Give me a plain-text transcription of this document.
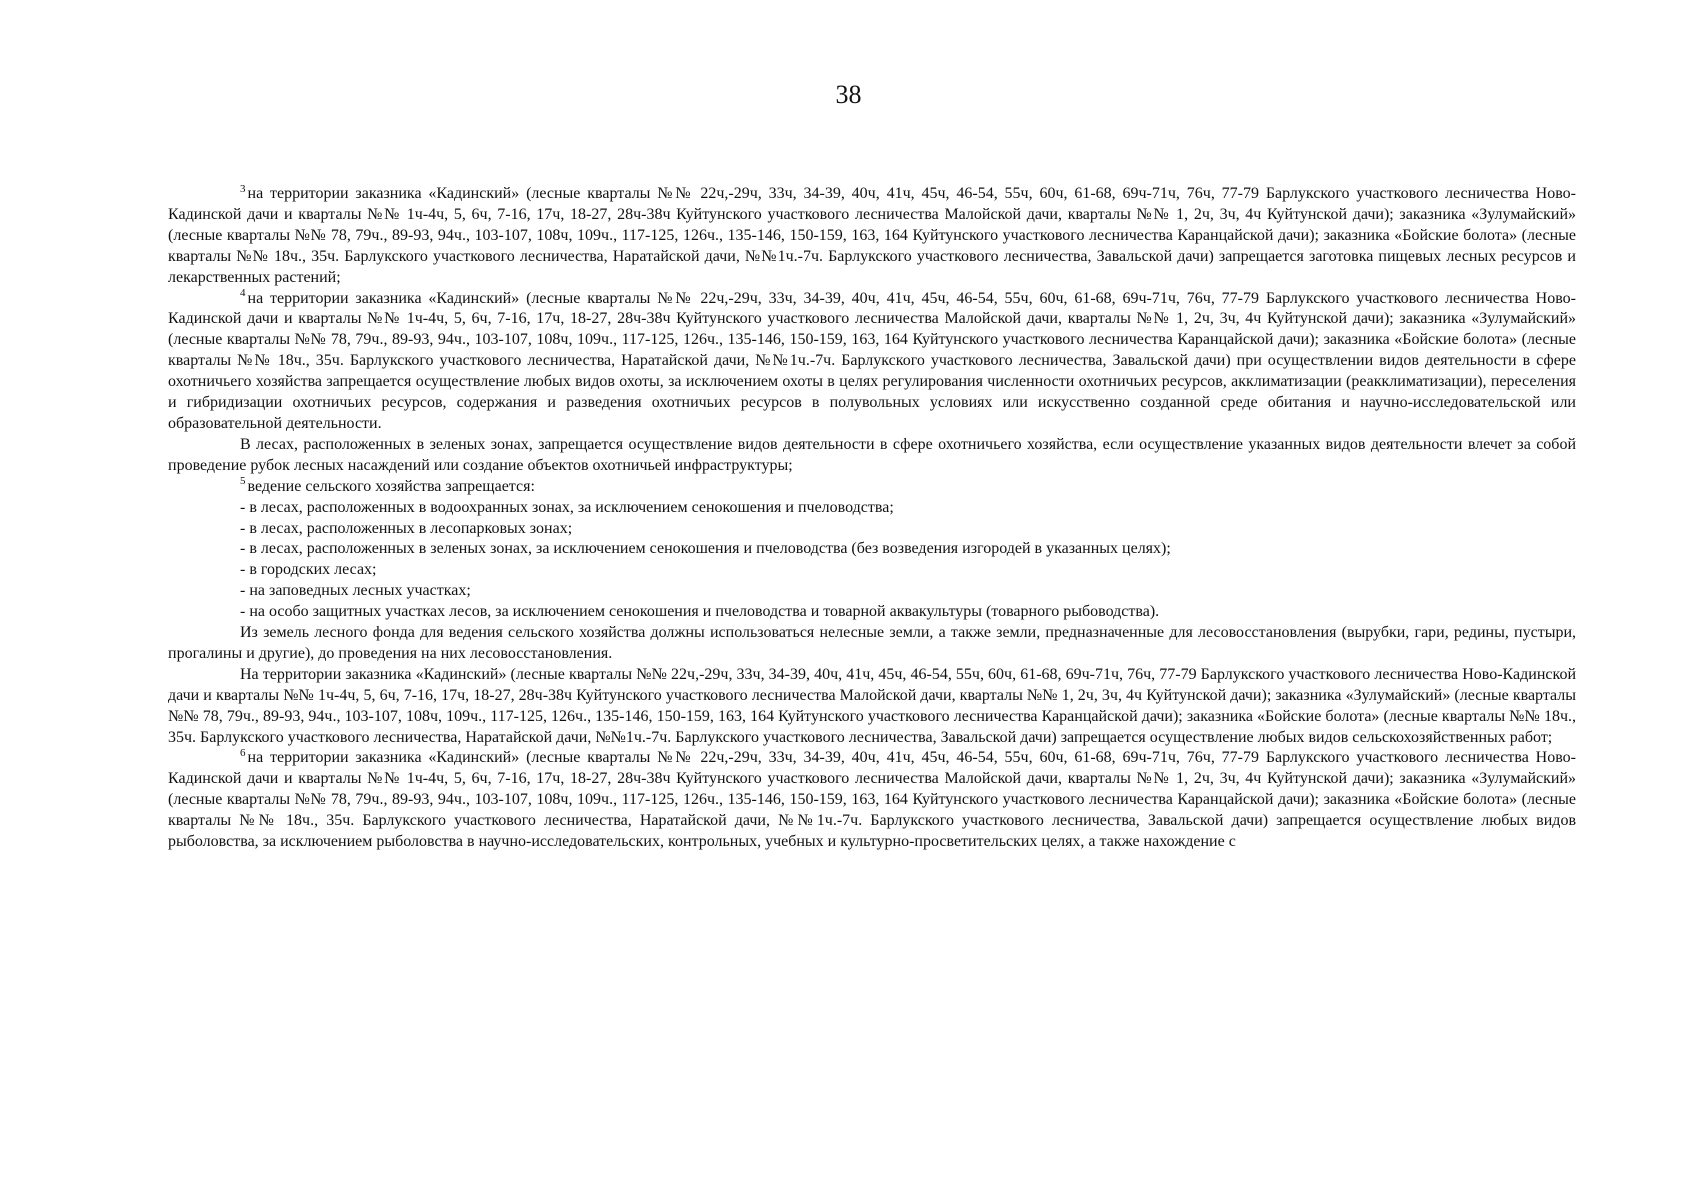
38

$^3$ на территории заказника «Кадинский» (лесные кварталы №№ 22ч,-29ч, 33ч, 34-39, 40ч, 41ч, 45ч, 46-54, 55ч, 60ч, 61-68, 69ч-71ч, 76ч, 77-79 Барлукского участкового лесничества Ново-Кадинской дачи и кварталы №№ 1ч-4ч, 5, 6ч, 7-16, 17ч, 18-27, 28ч-38ч Куйтунского участкового лесничества Малойской дачи, кварталы №№ 1, 2ч, 3ч, 4ч Куйтунской дачи); заказника «Зулумайский» (лесные кварталы №№ 78, 79ч., 89-93, 94ч., 103-107, 108ч, 109ч., 117-125, 126ч., 135-146, 150-159, 163, 164 Куйтунского участкового лесничества Каранцайской дачи); заказника «Бойские болота» (лесные кварталы №№ 18ч., 35ч. Барлукского участкового лесничества, Наратайской дачи, №№1ч.-7ч. Барлукского участкового лесничества, Завальской дачи) запрещается заготовка пищевых лесных ресурсов и лекарственных растений;

$^4$ на территории заказника «Кадинский» (лесные кварталы №№ 22ч,-29ч, 33ч, 34-39, 40ч, 41ч, 45ч, 46-54, 55ч, 60ч, 61-68, 69ч-71ч, 76ч, 77-79 Барлукского участкового лесничества Ново-Кадинской дачи и кварталы №№ 1ч-4ч, 5, 6ч, 7-16, 17ч, 18-27, 28ч-38ч Куйтунского участкового лесничества Малойской дачи, кварталы №№ 1, 2ч, 3ч, 4ч Куйтунской дачи); заказника «Зулумайский» (лесные кварталы №№ 78, 79ч., 89-93, 94ч., 103-107, 108ч, 109ч., 117-125, 126ч., 135-146, 150-159, 163, 164 Куйтунского участкового лесничества Каранцайской дачи); заказника «Бойские болота» (лесные кварталы №№ 18ч., 35ч. Барлукского участкового лесничества, Наратайской дачи, №№1ч.-7ч. Барлукского участкового лесничества, Завальской дачи) при осуществлении видов деятельности в сфере охотничьего хозяйства запрещается осуществление любых видов охоты, за исключением охоты в целях регулирования численности охотничьих ресурсов, акклиматизации (реакклиматизации), переселения и гибридизации охотничьих ресурсов, содержания и разведения охотничьих ресурсов в полувольных условиях или искусственно созданной среде обитания и научно-исследовательской или образовательной деятельности.

В лесах, расположенных в зеленых зонах, запрещается осуществление видов деятельности в сфере охотничьего хозяйства, если осуществление указанных видов деятельности влечет за собой проведение рубок лесных насаждений или создание объектов охотничьей инфраструктуры;

$^5$ ведение сельского хозяйства запрещается:

- в лесах, расположенных в водоохранных зонах, за исключением сенокошения и пчеловодства;

- в лесах, расположенных в лесопарковых зонах;

- в лесах, расположенных в зеленых зонах, за исключением сенокошения и пчеловодства (без возведения изгородей в указанных целях);

- в городских лесах;

- на заповедных лесных участках;

- на особо защитных участках лесов, за исключением сенокошения и пчеловодства и товарной аквакультуры (товарного рыбоводства).

Из земель лесного фонда для ведения сельского хозяйства должны использоваться нелесные земли, а также земли, предназначенные для лесовосстановления (вырубки, гари, редины, пустыри, прогалины и другие), до проведения на них лесовосстановления.

На территории заказника «Кадинский» (лесные кварталы №№ 22ч,-29ч, 33ч, 34-39, 40ч, 41ч, 45ч, 46-54, 55ч, 60ч, 61-68, 69ч-71ч, 76ч, 77-79 Барлукского участкового лесничества Ново-Кадинской дачи и кварталы №№ 1ч-4ч, 5, 6ч, 7-16, 17ч, 18-27, 28ч-38ч Куйтунского участкового лесничества Малойской дачи, кварталы №№ 1, 2ч, 3ч, 4ч Куйтунской дачи); заказника «Зулумайский» (лесные кварталы №№ 78, 79ч., 89-93, 94ч., 103-107, 108ч, 109ч., 117-125, 126ч., 135-146, 150-159, 163, 164 Куйтунского участкового лесничества Каранцайской дачи); заказника «Бойские болота» (лесные кварталы №№ 18ч., 35ч. Барлукского участкового лесничества, Наратайской дачи, №№1ч.-7ч. Барлукского участкового лесничества, Завальской дачи) запрещается осуществление любых видов сельскохозяйственных работ;

$^6$ на территории заказника «Кадинский» (лесные кварталы №№ 22ч,-29ч, 33ч, 34-39, 40ч, 41ч, 45ч, 46-54, 55ч, 60ч, 61-68, 69ч-71ч, 76ч, 77-79 Барлукского участкового лесничества Ново-Кадинской дачи и кварталы №№ 1ч-4ч, 5, 6ч, 7-16, 17ч, 18-27, 28ч-38ч Куйтунского участкового лесничества Малойской дачи, кварталы №№ 1, 2ч, 3ч, 4ч Куйтунской дачи); заказника «Зулумайский» (лесные кварталы №№ 78, 79ч., 89-93, 94ч., 103-107, 108ч, 109ч., 117-125, 126ч., 135-146, 150-159, 163, 164 Куйтунского участкового лесничества Каранцайской дачи); заказника «Бойские болота» (лесные кварталы №№ 18ч., 35ч. Барлукского участкового лесничества, Наратайской дачи, №№1ч.-7ч. Барлукского участкового лесничества, Завальской дачи) запрещается осуществление любых видов рыболовства, за исключением рыболовства в научно-исследовательских, контрольных, учебных и культурно-просветительских целях, а также нахождение с
